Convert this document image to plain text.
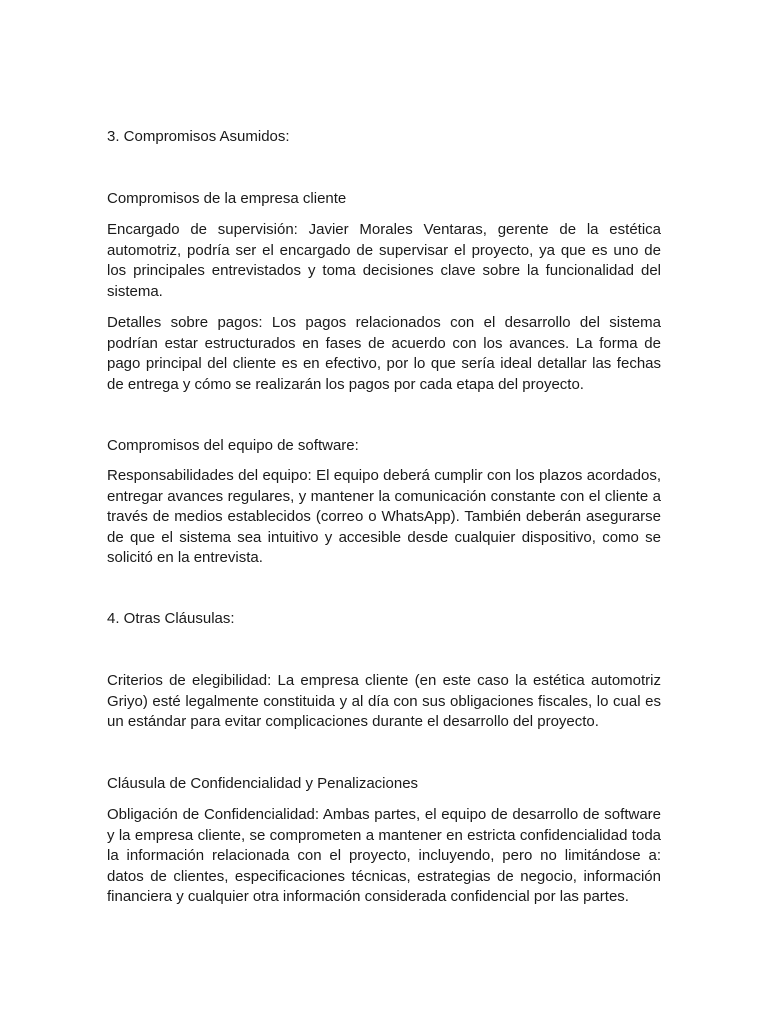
3. Compromisos Asumidos:

Compromisos de la empresa cliente

Encargado de supervisión: Javier Morales Ventaras, gerente de la estética automotriz, podría ser el encargado de supervisar el proyecto, ya que es uno de los principales entrevistados y toma decisiones clave sobre la funcionalidad del sistema.

Detalles sobre pagos: Los pagos relacionados con el desarrollo del sistema podrían estar estructurados en fases de acuerdo con los avances. La forma de pago principal del cliente es en efectivo, por lo que sería ideal detallar las fechas de entrega y cómo se realizarán los pagos por cada etapa del proyecto.

Compromisos del equipo de software:

Responsabilidades del equipo: El equipo deberá cumplir con los plazos acordados, entregar avances regulares, y mantener la comunicación constante con el cliente a través de medios establecidos (correo o WhatsApp). También deberán asegurarse de que el sistema sea intuitivo y accesible desde cualquier dispositivo, como se solicitó en la entrevista.

4. Otras Cláusulas:

Criterios de elegibilidad: La empresa cliente (en este caso la estética automotriz Griyo) esté legalmente constituida y al día con sus obligaciones fiscales, lo cual es un estándar para evitar complicaciones durante el desarrollo del proyecto.

Cláusula de Confidencialidad y Penalizaciones

Obligación de Confidencialidad: Ambas partes, el equipo de desarrollo de software y la empresa cliente, se comprometen a mantener en estricta confidencialidad toda la información relacionada con el proyecto, incluyendo, pero no limitándose a: datos de clientes, especificaciones técnicas, estrategias de negocio, información financiera y cualquier otra información considerada confidencial por las partes.
